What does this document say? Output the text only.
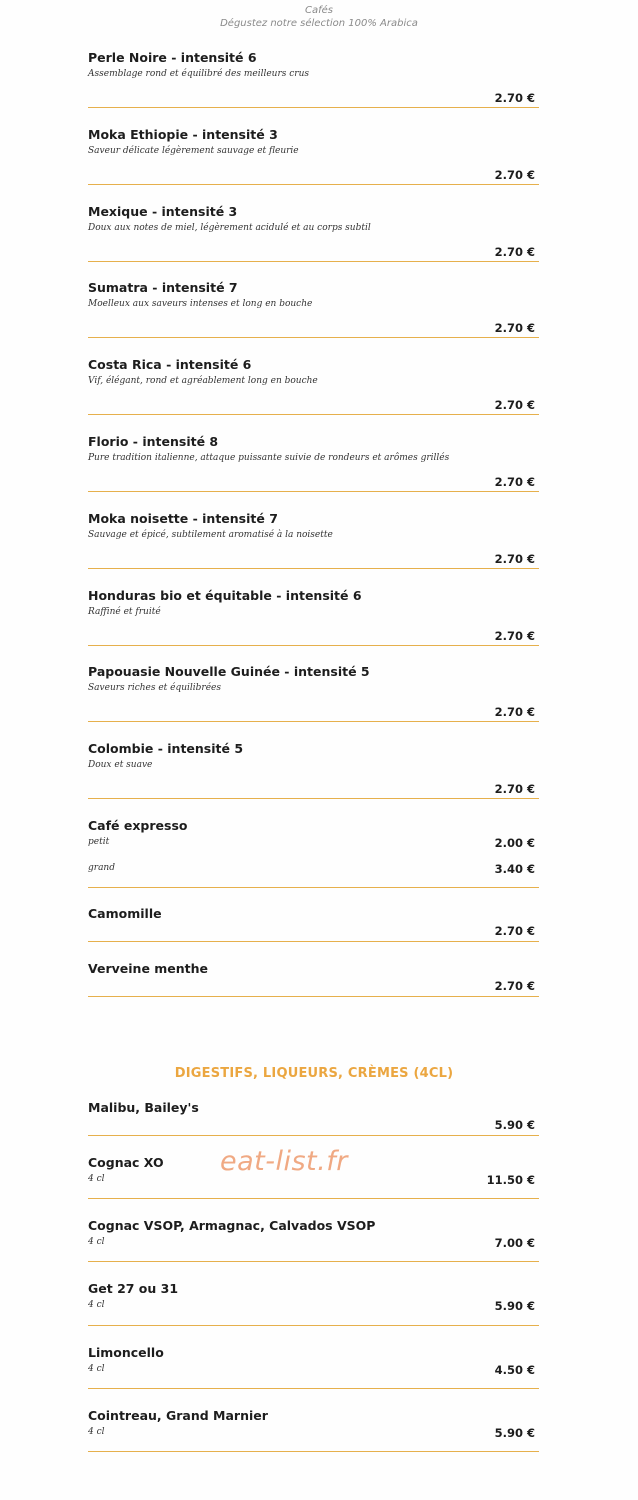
Cafés
Dégustez notre sélection 100% Arabica
Perle Noire - intensité 6
Assemblage rond et équilibré des meilleurs crus
2.70 €
Moka Ethiopie - intensité 3
Saveur délicate légèrement sauvage et fleurie
2.70 €
Mexique - intensité 3
Doux aux notes de miel, légèrement acidulé et au corps subtil
2.70 €
Sumatra - intensité 7
Moelleux aux saveurs intenses et long en bouche
2.70 €
Costa Rica - intensité 6
Vif, élégant, rond et agréablement long en bouche
2.70 €
Florio - intensité 8
Pure tradition italienne, attaque puissante suivie de rondeurs et arômes grillés
2.70 €
Moka noisette - intensité 7
Sauvage et épicé, subtilement aromatisé à la noisette
2.70 €
Honduras bio et équitable - intensité 6
Raffiné et fruité
2.70 €
Papouasie Nouvelle Guinée - intensité 5
Saveurs riches et équilibrées
2.70 €
Colombie - intensité 5
Doux et suave
2.70 €
Café expresso
petit	2.00 €
grand	3.40 €
Camomille
2.70 €
Verveine menthe
2.70 €
DIGESTIFS, LIQUEURS, CRÈMES (4CL)
Malibu, Bailey's
5.90 €
Cognac XO
4 cl	11.50 €
Cognac VSOP, Armagnac, Calvados VSOP
4 cl	7.00 €
Get 27 ou 31
4 cl	5.90 €
Limoncello
4 cl	4.50 €
Cointreau, Grand Marnier
4 cl	5.90 €
eat-list.fr
